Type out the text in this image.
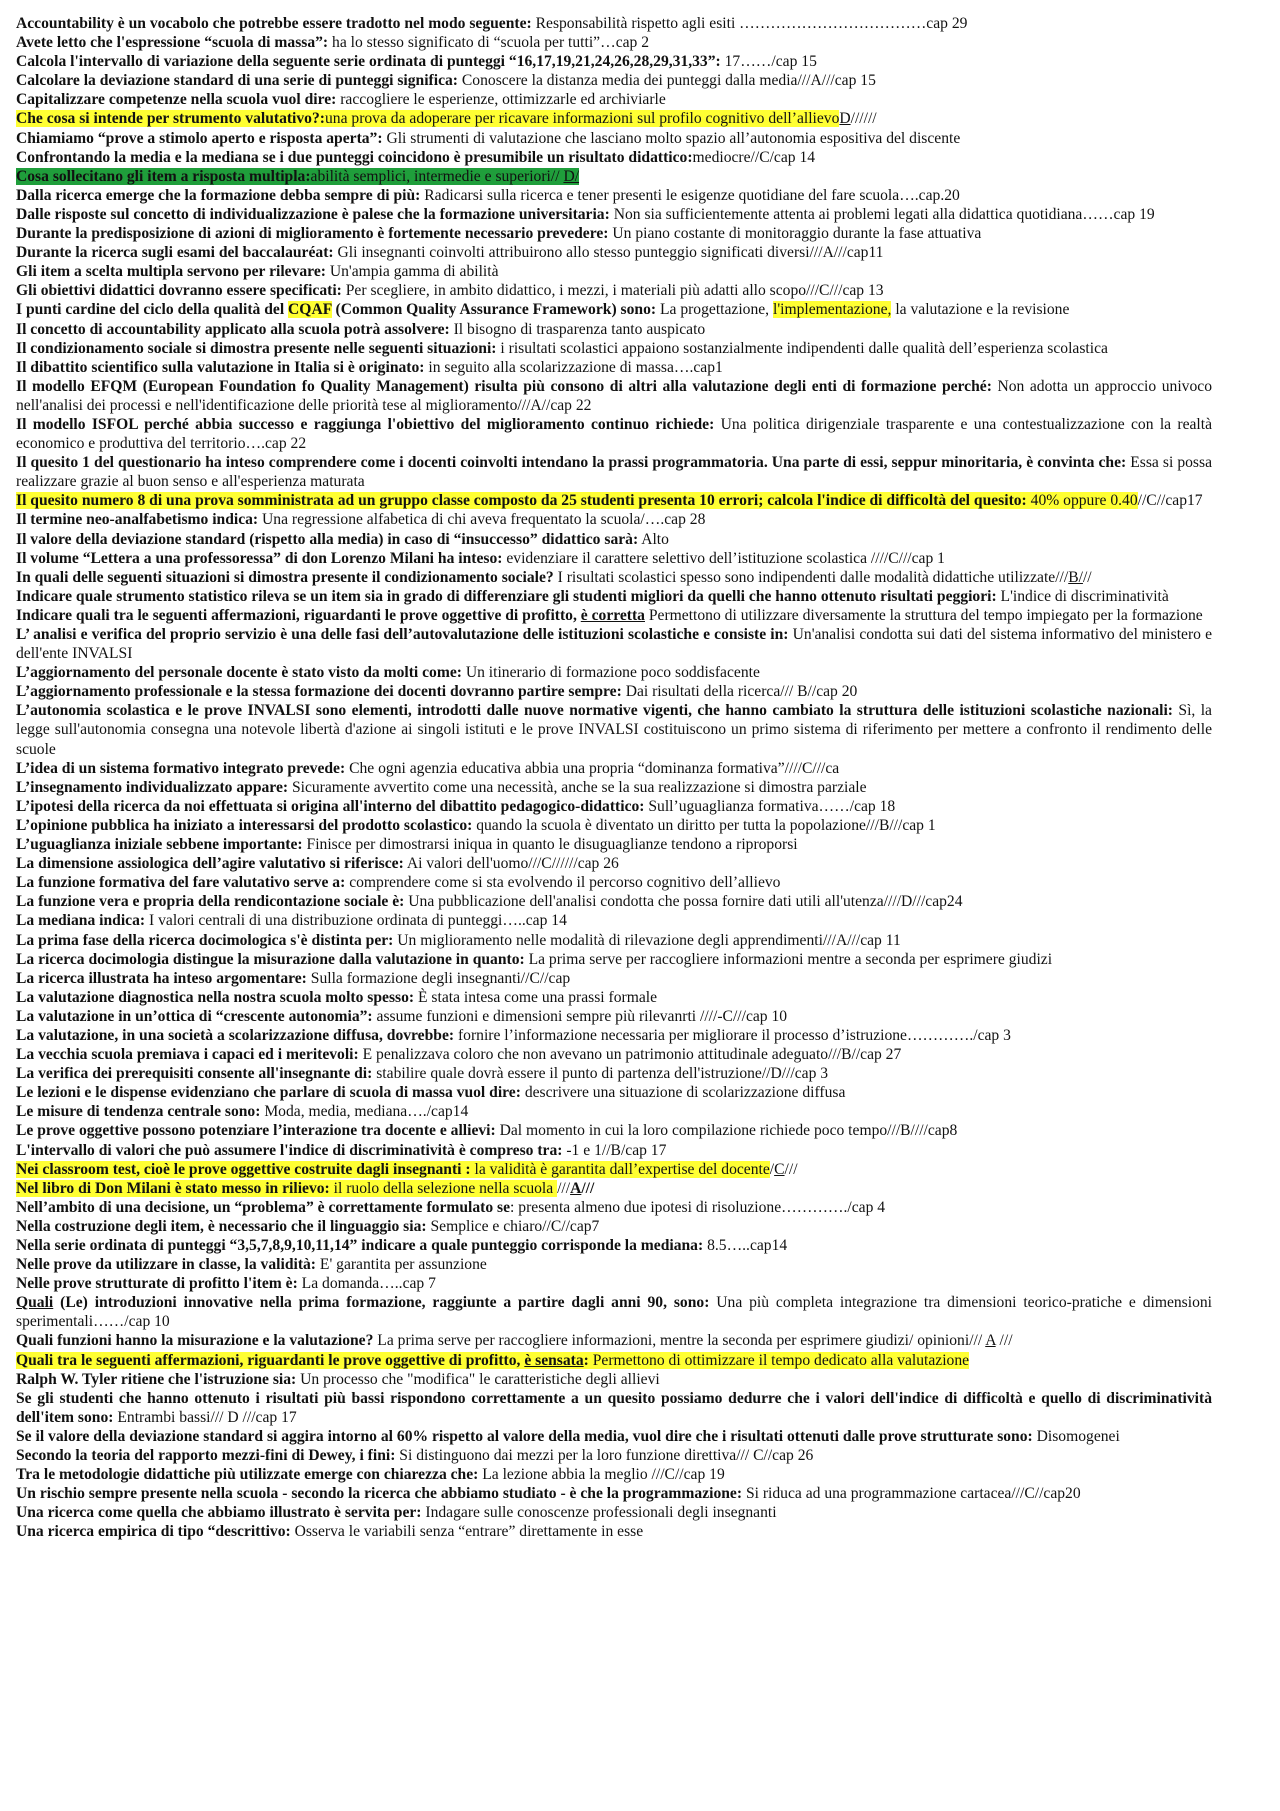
Accountability è un vocabolo che potrebbe essere tradotto nel modo seguente: Responsabilità rispetto agli esiti ………………………………cap 29

Avete letto che l'espressione “scuola di massa”: ha lo stesso significato di “scuola per tutti”…cap 2

Calcola l'intervallo di variazione della seguente serie ordinata di punteggi “16,17,19,21,24,26,28,29,31,33”: 17……/cap 15

Calcolare la deviazione standard di una serie di punteggi significa: Conoscere la distanza media dei punteggi dalla media///A///cap 15

Capitalizzare competenze nella scuola vuol dire: raccogliere le esperienze, ottimizzarle ed archiviarle

Che cosa si intende per strumento valutativo?:una prova da adoperare per ricavare informazioni sul profilo cognitivo dell’allievoD//////

Chiamiamo “prove a stimolo aperto e risposta aperta”: Gli strumenti di valutazione che lasciano molto spazio all’autonomia espositiva del discente

Confrontando la media e la mediana se i due punteggi coincidono è presumibile un risultato didattico:mediocre//C/cap 14

Cosa sollecitano gli item a risposta multipla:abilità semplici, intermedie e superiori// D/

Dalla ricerca emerge che la formazione debba sempre di più: Radicarsi sulla ricerca e tener presenti le esigenze quotidiane del fare scuola….cap.20

Dalle risposte sul concetto di individualizzazione è palese che la formazione universitaria: Non sia sufficientemente attenta ai problemi legati alla didattica quotidiana……cap 19

Durante la predisposizione di azioni di miglioramento è fortemente necessario prevedere: Un piano costante di monitoraggio durante la fase attuativa

Durante la ricerca sugli esami del baccalauréat: Gli insegnanti coinvolti attribuirono allo stesso punteggio significati diversi///A///cap11

Gli item a scelta multipla servono per rilevare: Un'ampia gamma di abilità

Gli obiettivi didattici dovranno essere specificati: Per scegliere, in ambito didattico, i mezzi, i materiali più adatti allo scopo///C///cap 13

I punti cardine del ciclo della qualità del CQAF (Common Quality Assurance Framework) sono: La progettazione, l'implementazione, la valutazione e la revisione

Il concetto di accountability applicato alla scuola potrà assolvere: Il bisogno di trasparenza tanto auspicato

Il condizionamento sociale si dimostra presente nelle seguenti situazioni: i risultati scolastici appaiono sostanzialmente indipendenti dalle qualità dell’esperienza scolastica

Il dibattito scientifico sulla valutazione in Italia si è originato: in seguito alla scolarizzazione di massa….cap1

Il modello EFQM (European Foundation fo Quality Management) risulta più consono di altri alla valutazione degli enti di formazione perché: Non adotta un approccio univoco nell'analisi dei processi e nell'identificazione delle priorità tese al miglioramento///A//cap 22

Il modello ISFOL perché abbia successo e raggiunga l'obiettivo del miglioramento continuo richiede: Una politica dirigenziale trasparente e una contestualizzazione con la realtà economico e produttiva del territorio….cap 22

Il quesito 1 del questionario ha inteso comprendere come i docenti coinvolti intendano la prassi programmatoria. Una parte di essi, seppur minoritaria, è convinta che: Essa si possa realizzare grazie al buon senso e all'esperienza maturata

Il quesito numero 8 di una prova somministrata ad un gruppo classe composto da 25 studenti presenta 10 errori; calcola l'indice di difficoltà del quesito: 40% oppure 0.40//C//cap17

Il termine neo-analfabetismo indica: Una regressione alfabetica di chi aveva frequentato la scuola/….cap 28

Il valore della deviazione standard (rispetto alla media) in caso di “insuccesso” didattico sarà: Alto

Il volume “Lettera a una professoressa” di don Lorenzo Milani ha inteso: evidenziare il carattere selettivo dell’istituzione scolastica ////C///cap 1

In quali delle seguenti situazioni si dimostra presente il condizionamento sociale? I risultati scolastici spesso sono indipendenti dalle modalità didattiche utilizzate///B///

Indicare quale strumento statistico rileva se un item sia in grado di differenziare gli studenti migliori da quelli che hanno ottenuto risultati peggiori: L'indice di discriminatività

Indicare quali tra le seguenti affermazioni, riguardanti le prove oggettive di profitto, è corretta Permettono di utilizzare diversamente la struttura del tempo impiegato per la formazione

L’ analisi e verifica del proprio servizio è una delle fasi dell’autovalutazione delle istituzioni scolastiche e consiste in: Un'analisi condotta sui dati del sistema informativo del ministero e dell'ente INVALSI

L’aggiornamento del personale docente è stato visto da molti come: Un itinerario di formazione poco soddisfacente

L’aggiornamento professionale e la stessa formazione dei docenti dovranno partire sempre: Dai risultati della ricerca/// B//cap 20

L’autonomia scolastica e le prove INVALSI sono elementi, introdotti dalle nuove normative vigenti, che hanno cambiato la struttura delle istituzioni scolastiche nazionali: Sì, la legge sull'autonomia consegna una notevole libertà d'azione ai singoli istituti e le prove INVALSI costituiscono un primo sistema di riferimento per mettere a confronto il rendimento delle scuole

L’idea di un sistema formativo integrato prevede: Che ogni agenzia educativa abbia una propria “dominanza formativa”////C///ca

L’insegnamento individualizzato appare: Sicuramente avvertito come una necessità, anche se la sua realizzazione si dimostra parziale

L’ipotesi della ricerca da noi effettuata si origina all'interno del dibattito pedagogico-didattico: Sull’uguaglianza formativa……/cap 18

L’opinione pubblica ha iniziato a interessarsi del prodotto scolastico: quando la scuola è diventato un diritto per tutta la popolazione///B///cap 1

L’uguaglianza iniziale sebbene importante: Finisce per dimostrarsi iniqua in quanto le disuguaglianze tendono a riproporsi

La dimensione assiologica dell’agire valutativo si riferisce: Ai valori dell'uomo///C//////cap 26

La funzione formativa del fare valutativo serve a: comprendere come si sta evolvendo il percorso cognitivo dell’allievo

La funzione vera e propria della rendicontazione sociale è: Una pubblicazione dell'analisi condotta che possa fornire dati utili all'utenza////D///cap24

La mediana indica: I valori centrali di una distribuzione ordinata di punteggi…..cap 14

La prima fase della ricerca docimologica s'è distinta per: Un miglioramento nelle modalità di rilevazione degli apprendimenti///A///cap 11

La ricerca docimologia distingue la misurazione dalla valutazione in quanto: La prima serve per raccogliere informazioni mentre a seconda per esprimere giudizi

La ricerca illustrata ha inteso argomentare: Sulla formazione degli insegnanti//C//cap

La valutazione diagnostica nella nostra scuola molto spesso: È stata intesa come una prassi formale

La valutazione in un’ottica di “crescente autonomia”: assume funzioni e dimensioni sempre più rilevanrti ////-C///cap 10

La valutazione, in una società a scolarizzazione diffusa, dovrebbe: fornire l’informazione necessaria per migliorare il processo d’istruzione…………./cap 3

La vecchia scuola premiava i capaci ed i meritevoli: E penalizzava coloro che non avevano un patrimonio attitudinale adeguato///B//cap 27

La verifica dei prerequisiti consente all'insegnante di: stabilire quale dovrà essere il punto di partenza dell'istruzione//D///cap 3

Le lezioni e le dispense evidenziano che parlare di scuola di massa vuol dire: descrivere una situazione di scolarizzazione diffusa

Le misure di tendenza centrale sono: Moda, media, mediana…./cap14

Le prove oggettive possono potenziare l’interazione tra docente e allievi: Dal momento in cui la loro compilazione richiede poco tempo///B////cap8

L'intervallo di valori che può assumere l'indice di discriminatività è compreso tra: -1 e 1//B/cap 17

Nei classroom test, cioè le prove oggettive costruite dagli insegnanti : la validità è garantita dall’expertise del docente/C///

Nel libro di Don Milani è stato messo in rilievo: il ruolo della selezione nella scuola ///A///

Nell’ambito di una decisione, un “problema” è correttamente formulato se: presenta almeno due ipotesi di risoluzione…………./cap 4

Nella costruzione degli item, è necessario che il linguaggio sia: Semplice e chiaro//C//cap7

Nella serie ordinata di punteggi “3,5,7,8,9,10,11,14” indicare a quale punteggio corrisponde la mediana: 8.5…..cap14

Nelle prove da utilizzare in classe, la validità: E' garantita per assunzione

Nelle prove strutturate di profitto l'item è: La domanda…..cap 7

Quali (Le) introduzioni innovative nella prima formazione, raggiunte a partire dagli anni 90, sono: Una più completa integrazione tra dimensioni teorico-pratiche e dimensioni sperimentali……/cap 10

Quali funzioni hanno la misurazione e la valutazione? La prima serve per raccogliere informazioni, mentre la seconda per esprimere giudizi/ opinioni/// A ///

Quali tra le seguenti affermazioni, riguardanti le prove oggettive di profitto, è sensata: Permettono di ottimizzare il tempo dedicato alla valutazione

Ralph W. Tyler ritiene che l'istruzione sia: Un processo che "modifica" le caratteristiche degli allievi

Se gli studenti che hanno ottenuto i risultati più bassi rispondono correttamente a un quesito possiamo dedurre che i valori dell'indice di difficoltà e quello di discriminatività dell'item sono: Entrambi bassi/// D ///cap 17

Se il valore della deviazione standard si aggira intorno al 60% rispetto al valore della media, vuol dire che i risultati ottenuti dalle prove strutturate sono: Disomogenei

Secondo la teoria del rapporto mezzi-fini di Dewey, i fini: Si distinguono dai mezzi per la loro funzione direttiva/// C//cap 26

Tra le metodologie didattiche più utilizzate emerge con chiarezza che: La lezione abbia la meglio ///C//cap 19

Un rischio sempre presente nella scuola - secondo la ricerca che abbiamo studiato - è che la programmazione: Si riduca ad una programmazione cartacea///C//cap20

Una ricerca come quella che abbiamo illustrato è servita per: Indagare sulle conoscenze professionali degli insegnanti

Una ricerca empirica di tipo “descrittivo: Osserva le variabili senza “entrare” direttamente in esse
